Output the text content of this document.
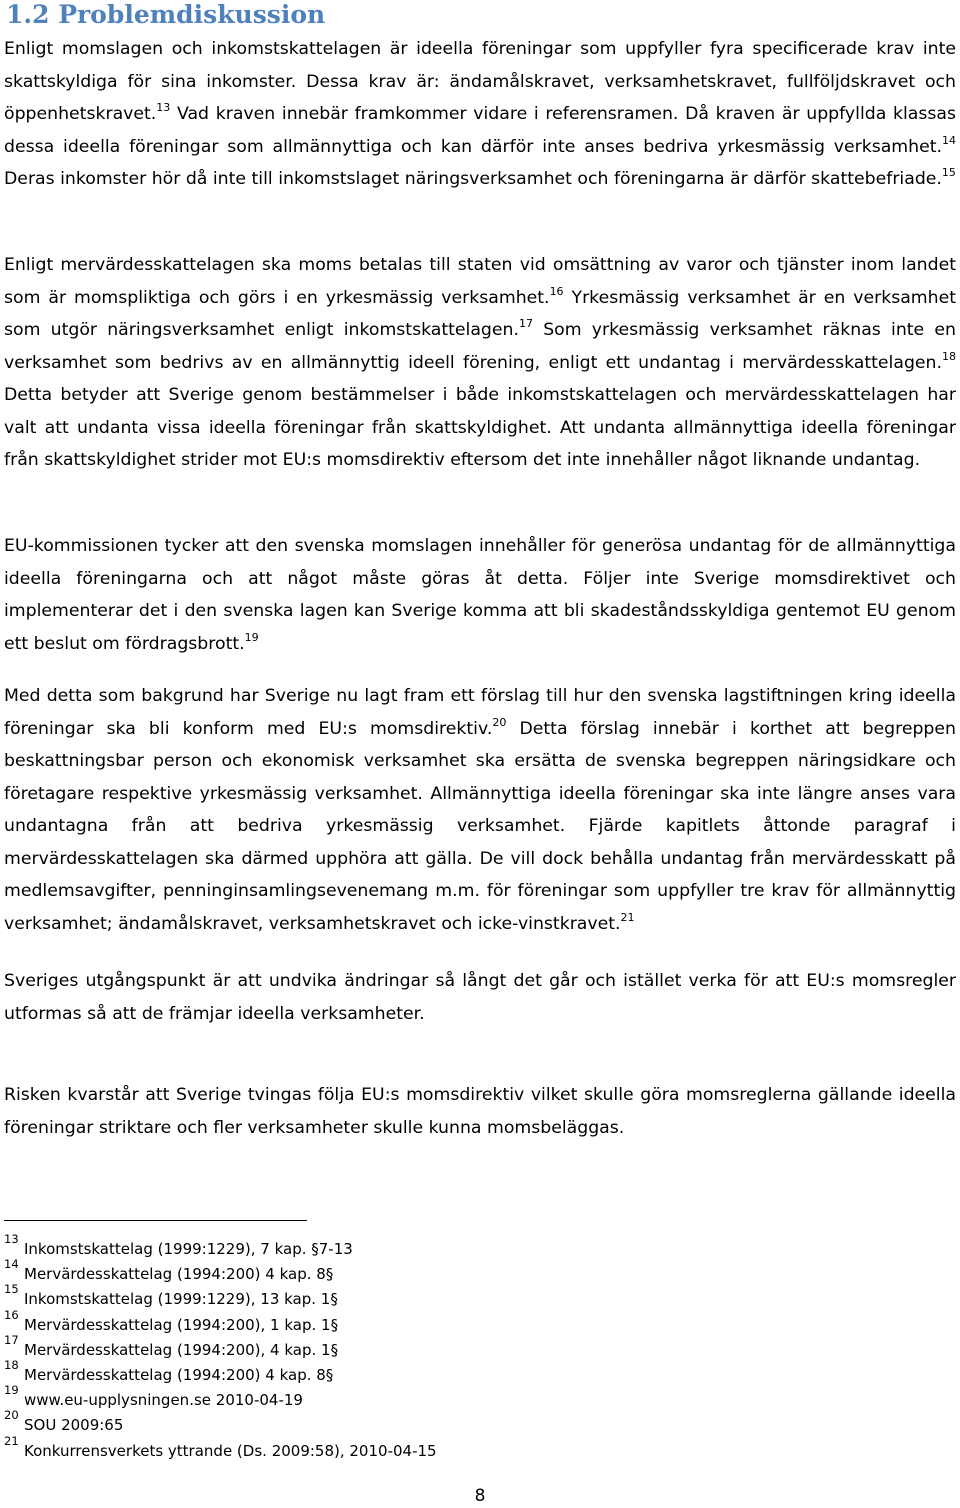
1.2 Problemdiskussion

Enligt momslagen och inkomstskattelagen är ideella föreningar som uppfyller fyra specificerade krav inte skattskyldiga för sina inkomster. Dessa krav är: ändamålskravet, verksamhetskravet, fullföljdskravet och öppenhetskravet.$^{13}$ Vad kraven innebär framkommer vidare i referensramen. Då kraven är uppfyllda klassas dessa ideella föreningar som allmännyttiga och kan därför inte anses bedriva yrkesmässig verksamhet.$^{14}$ Deras inkomster hör då inte till inkomstslaget näringsverksamhet och föreningarna är därför skattebefriade.$^{15}$

Enligt mervärdesskattelagen ska moms betalas till staten vid omsättning av varor och tjänster inom landet som är momspliktiga och görs i en yrkesmässig verksamhet.$^{16}$ Yrkesmässig verksamhet är en verksamhet som utgör näringsverksamhet enligt inkomstskattelagen.$^{17}$ Som yrkesmässig verksamhet räknas inte en verksamhet som bedrivs av en allmännyttig ideell förening, enligt ett undantag i mervärdesskattelagen.$^{18}$ Detta betyder att Sverige genom bestämmelser i både inkomstskattelagen och mervärdesskattelagen har valt att undanta vissa ideella föreningar från skattskyldighet. Att undanta allmännyttiga ideella föreningar från skattskyldighet strider mot EU:s momsdirektiv eftersom det inte innehåller något liknande undantag.

EU-kommissionen tycker att den svenska momslagen innehåller för generösa undantag för de allmännyttiga ideella föreningarna och att något måste göras åt detta. Följer inte Sverige momsdirektivet och implementerar det i den svenska lagen kan Sverige komma att bli skadeståndsskyldiga gentemot EU genom ett beslut om fördragsbrott.$^{19}$

Med detta som bakgrund har Sverige nu lagt fram ett förslag till hur den svenska lagstiftningen kring ideella föreningar ska bli konform med EU:s momsdirektiv.$^{20}$ Detta förslag innebär i korthet att begreppen beskattningsbar person och ekonomisk verksamhet ska ersätta de svenska begreppen näringsidkare och företagare respektive yrkesmässig verksamhet. Allmännyttiga ideella föreningar ska inte längre anses vara undantagna från att bedriva yrkesmässig verksamhet. Fjärde kapitlets åttonde paragraf i mervärdesskattelagen ska därmed upphöra att gälla. De vill dock behålla undantag från mervärdesskatt på medlemsavgifter, penninginsamlingsevenemang m.m. för föreningar som uppfyller tre krav för allmännyttig verksamhet; ändamålskravet, verksamhetskravet och icke-vinstkravet.$^{21}$

Sveriges utgångspunkt är att undvika ändringar så långt det går och istället verka för att EU:s momsregler utformas så att de främjar ideella verksamheter.

Risken kvarstår att Sverige tvingas följa EU:s momsdirektiv vilket skulle göra momsreglerna gällande ideella föreningar striktare och fler verksamheter skulle kunna momsbeläggas.

13
Inkomstskattelag (1999:1229), 7 kap. §7-13
14
Mervärdesskattelag (1994:200) 4 kap. 8§
15
Inkomstskattelag (1999:1229), 13 kap. 1§
16
Mervärdesskattelag (1994:200), 1 kap. 1§
17
Mervärdesskattelag (1994:200), 4 kap. 1§
18
Mervärdesskattelag (1994:200) 4 kap. 8§
19
www.eu-upplysningen.se 2010-04-19
20
SOU 2009:65
21
Konkurrensverkets yttrande (Ds. 2009:58), 2010-04-15
8
